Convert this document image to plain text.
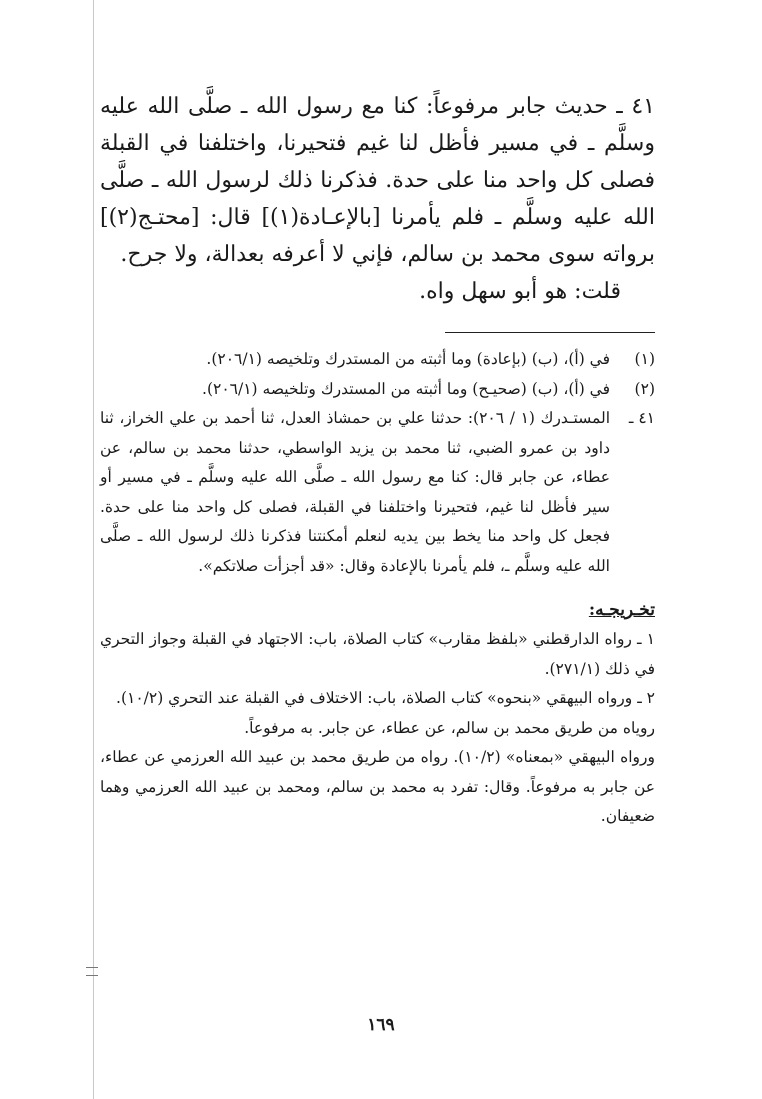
٤١ ـ حديث جابر مرفوعاً: كنا مع رسول الله ـ صلَّى الله عليه وسلَّم ـ في مسير فأظل لنا غيم فتحيرنا، واختلفنا في القبلة فصلى كل واحد منا على حدة. فذكرنا ذلك لرسول الله ـ صلَّى الله عليه وسلَّم ـ فلم يأمرنا [بالإعـادة(١)] قال: [محتـج(٢)] برواته سوى محمد بن سالم، فإني لا أعرفه بعدالة، ولا جرح.

قلت: هو أبو سهل واه.

(١)
في (أ)، (ب) (بإعادة) وما أثبته من المستدرك وتلخيصه (٢٠٦/١).
(٢)
في (أ)، (ب) (صحيـح) وما أثبته من المستدرك وتلخيصه (٢٠٦/١).
٤١ ـ
المستـدرك (١ / ٢٠٦): حدثنا علي بن حمشاذ العدل، ثنا أحمد بن علي الخراز، ثنا داود بن عمرو الضبي، ثنا محمد بن يزيد الواسطي، حدثنا محمد بن سالم، عن عطاء، عن جابر قال: كنا مع رسول الله ـ صلَّى الله عليه وسلَّم ـ في مسير أو سير فأظل لنا غيم، فتحيرنا واختلفنا في القبلة، فصلى كل واحد منا على حدة. فجعل كل واحد منا يخط بين يديه لنعلم أمكنتنا فذكرنا ذلك لرسول الله ـ صلَّى الله عليه وسلَّم ـ، فلم يأمرنا بالإعادة وقال: «قد أجزأت صلاتكم».
تخـريجـه:
١ ـ رواه الدارقطني «بلفظ مقارب» كتاب الصلاة، باب: الاجتهاد في القبلة وجواز التحري في ذلك (٢٧١/١).
٢ ـ ورواه البيهقي «بنحوه» كتاب الصلاة، باب: الاختلاف في القبلة عند التحري (١٠/٢).
روياه من طريق محمد بن سالم، عن عطاء، عن جابر. به مرفوعاً.
ورواه البيهقي «بمعناه» (١٠/٢). رواه من طريق محمد بن عبيد الله العرزمي عن عطاء، عن جابر به مرفوعاً. وقال: تفرد به محمد بن سالم، ومحمد بن عبيد الله العرزمي وهما ضعيفان.
١٦٩
